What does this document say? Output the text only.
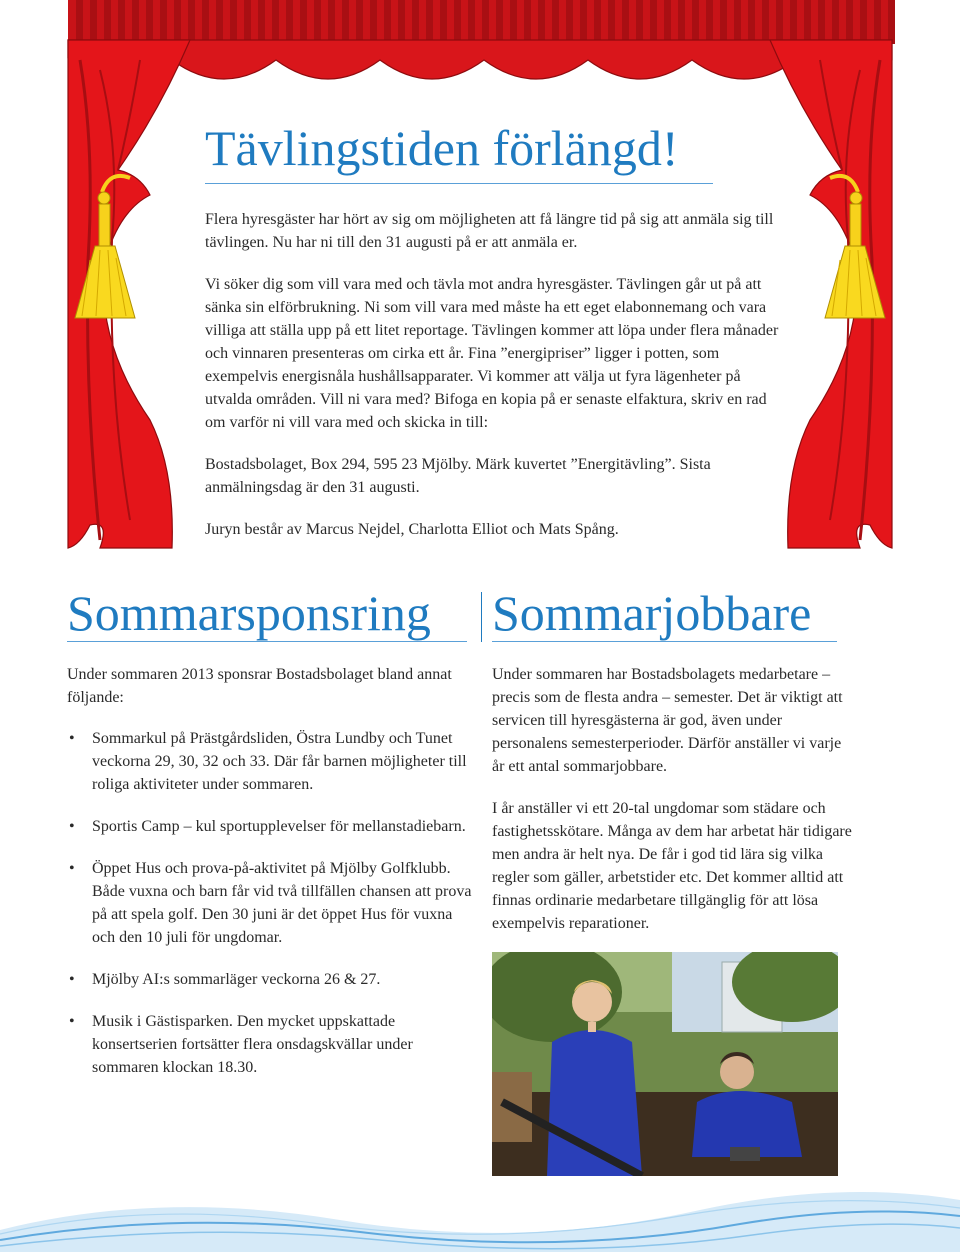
Tävlingstiden förlängd!

Flera hyresgäster har hört av sig om möjligheten att få längre tid på sig att anmäla sig till tävlingen. Nu har ni till den 31 augusti på er att anmäla er.

Vi söker dig som vill vara med och tävla mot andra hyresgäster. Tävlingen går ut på att sänka sin elförbrukning. Ni som vill vara med måste ha ett eget elabonnemang och vara villiga att ställa upp på ett litet reportage. Tävlingen kommer att löpa under flera månader och vinnaren presenteras om cirka ett år. Fina ”energipriser” ligger i potten, som exempelvis energisnåla hushållsapparater. Vi kommer att välja ut fyra lägenheter på utvalda områden. Vill ni vara med? Bifoga en kopia på er senaste elfaktura, skriv en rad om varför ni vill vara med och skicka in till:

Bostadsbolaget, Box 294, 595 23 Mjölby. Märk kuvertet ”Energitävling”. Sista anmälningsdag är den 31 augusti.

Juryn består av Marcus Nejdel, Charlotta Elliot och Mats Spång.

Sommarsponsring Sommarjobbare

Under sommaren 2013 sponsrar Bostadsbolaget bland annat följande:

• Sommarkul på Prästgårdsliden, Östra Lundby och Tunet veckorna 29, 30, 32 och 33. Där får barnen möjligheter till roliga aktiviteter under sommaren.
• Sportis Camp – kul sportupplevelser för mellanstadiebarn.
• Öppet Hus och prova-på-aktivitet på Mjölby Golfklubb. Både vuxna och barn får vid två tillfällen chansen att prova på att spela golf. Den 30 juni är det öppet Hus för vuxna och den 10 juli för ungdomar.
• Mjölby AI:s sommarläger veckorna 26 & 27.
• Musik i Gästisparken. Den mycket uppskattade konsertserien fortsätter flera onsdagskvällar under sommaren klockan 18.30.

Under sommaren har Bostadsbolagets medarbetare – precis som de flesta andra – semester. Det är viktigt att servicen till hyresgästerna är god, även under personalens semesterperioder. Därför anställer vi varje år ett antal sommarjobbare.

I år anställer vi ett 20-tal ungdomar som städare och fastighetsskötare. Många av dem har arbetat här tidigare men andra är helt nya. De får i god tid lära sig vilka regler som gäller, arbetstider etc. Det kommer alltid att finnas ordinarie medarbetare tillgänglig för att lösa exempelvis reparationer.
